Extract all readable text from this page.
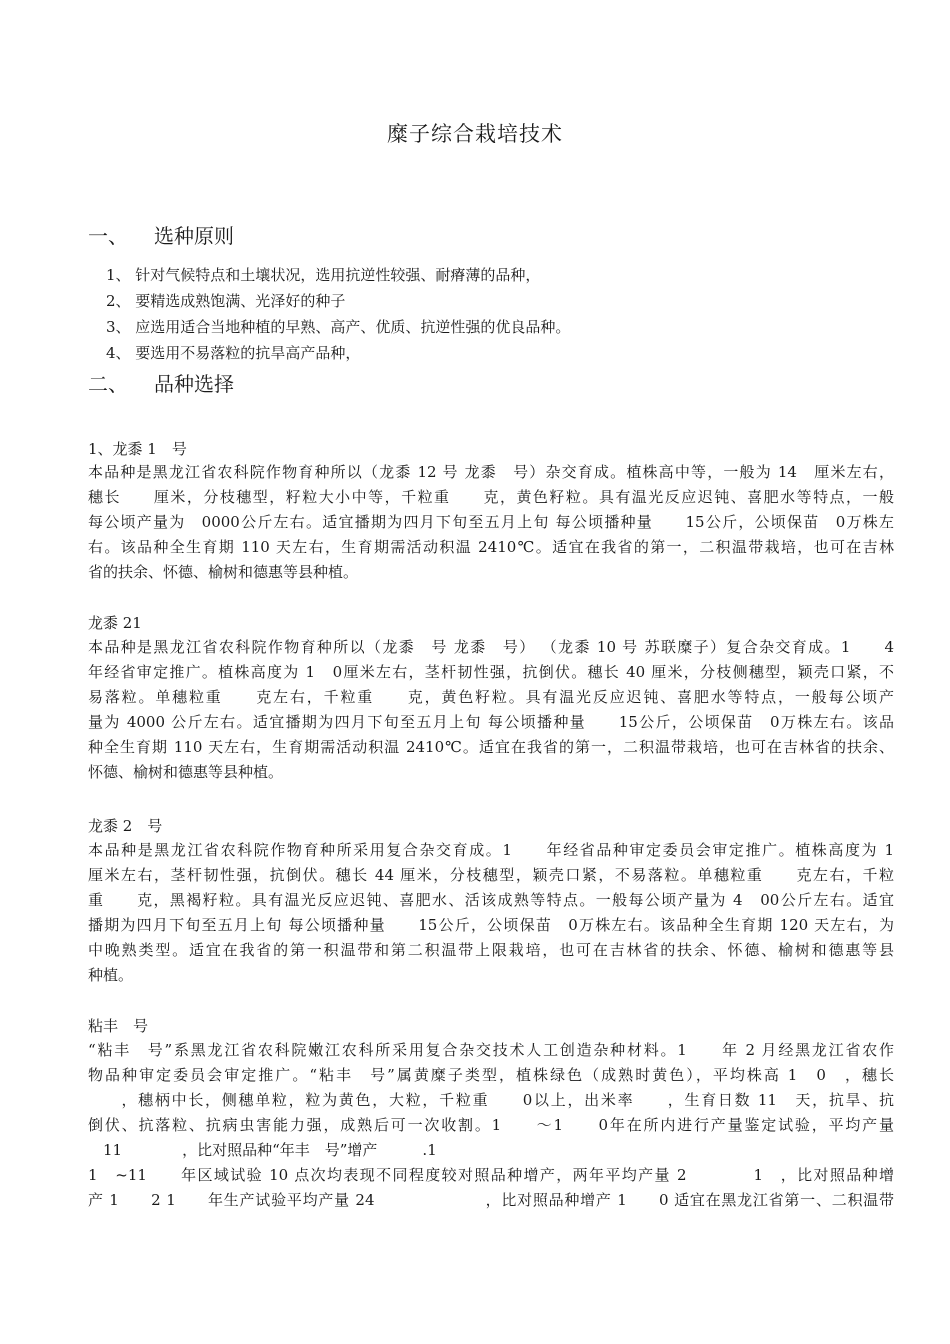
糜子综合栽培技术
一、 选种原则
1、 针对气候特点和土壤状况，选用抗逆性较强、耐瘠薄的品种，
2、 要精选成熟饱满、光泽好的种子
3、 应选用适合当地种植的早熟、高产、优质、抗逆性强的优良品种。
4、 要选用不易落粒的抗旱高产品种，
二、 品种选择
1、龙黍 1　号
本品种是黑龙江省农科院作物育种所以（龙黍 12 号 龙黍　号）杂交育成。植株高中等，一般为 14　厘米左右，
穗长　　厘米，分枝穗型，籽粒大小中等，千粒重　　克，黄色籽粒。具有温光反应迟钝、喜肥水等特点，一般
每公顷产量为　0000公斤左右。适宜播期为四月下旬至五月上旬 每公顷播种量　　15公斤，公顷保苗　0万株左
右。该品种全生育期 110 天左右，生育期需活动积温 2410℃。适宜在我省的第一，二积温带栽培，也可在吉林
省的扶余、怀德、榆树和德惠等县种植。
龙黍 21
本品种是黑龙江省农科院作物育种所以（龙黍　号 龙黍　号） （龙黍 10 号 苏联糜子）复合杂交育成。1　　4
年经省审定推广。植株高度为 1　0厘米左右，茎杆韧性强，抗倒伏。穗长 40 厘米，分枝侧穗型，颖壳口紧，不
易落粒。单穗粒重　　克左右，千粒重　　克，黄色籽粒。具有温光反应迟钝、喜肥水等特点，一般每公顷产
量为 4000 公斤左右。适宜播期为四月下旬至五月上旬 每公顷播种量　　15公斤，公顷保苗　0万株左右。该品
种全生育期 110 天左右，生育期需活动积温 2410℃。适宜在我省的第一，二积温带栽培，也可在吉林省的扶余、
怀德、榆树和德惠等县种植。
龙黍 2　号
本品种是黑龙江省农科院作物育种所采用复合杂交育成。1　　年经省品种审定委员会审定推广。植株高度为 1
厘米左右，茎杆韧性强，抗倒伏。穗长 44 厘米，分枝穗型，颖壳口紧，不易落粒。单穗粒重　　克左右，千粒
重　　克，黑褐籽粒。具有温光反应迟钝、喜肥水、活该成熟等特点。一般每公顷产量为 4　00公斤左右。适宜
播期为四月下旬至五月上旬 每公顷播种量　　15公斤，公顷保苗　0万株左右。该品种全生育期 120 天左右，为
中晚熟类型。适宜在我省的第一积温带和第二积温带上限栽培，也可在吉林省的扶余、怀德、榆树和德惠等县
种植。
粘丰　号
“粘丰　号”系黑龙江省农科院嫩江农科所采用复合杂交技术人工创造杂种材料。1　　年 2 月经黑龙江省农作
物品种审定委员会审定推广。“粘丰　号”属黄糜子类型，植株绿色（成熟时黄色），平均株高 1　0　，穗长
　　，穗柄中长，侧穗单粒，粒为黄色，大粒，千粒重　　0以上，出米率　　，生育日数 11　天，抗旱、抗
倒伏、抗落粒、抗病虫害能力强，成熟后可一次收割。1　　～1　　0年在所内进行产量鉴定试验，平均产量
　11　　　　，比对照品种“年丰　号”增产　　　.1
1　~11　　年区域试验 10 点次均表现不同程度较对照品种增产，两年平均产量 2　　　　1　，比对照品种增
产 1　　2 1　　年生产试验平均产量 24　　　　　　　，比对照品种增产 1　　0 适宜在黑龙江省第一、二积温带
